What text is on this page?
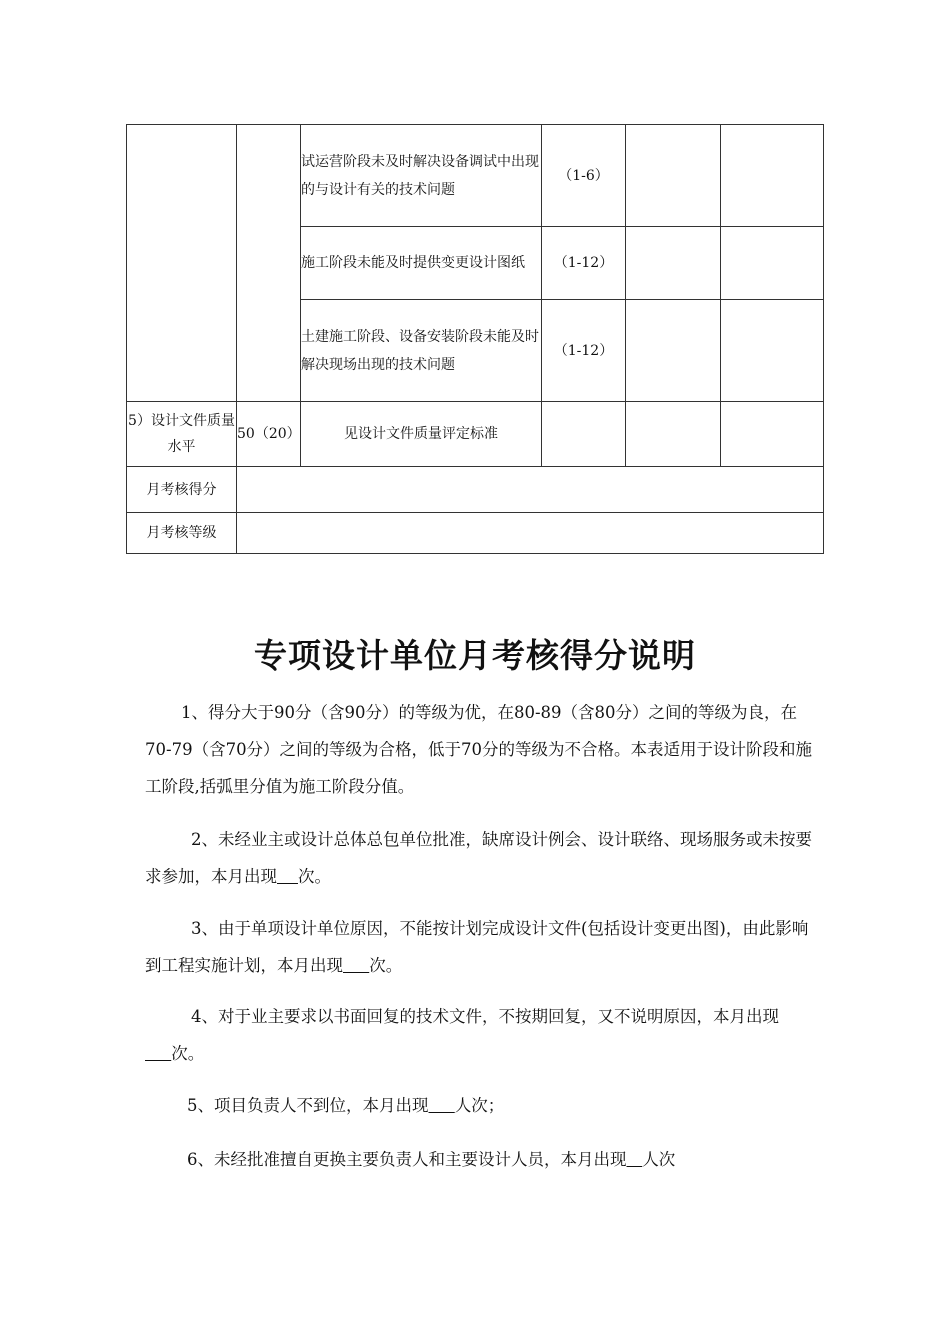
		试运营阶段未及时解决设备调试中出现的与设计有关的技术问题	（1-6）		
		施工阶段未能及时提供变更设计图纸	（1-12）		
		土建施工阶段、设备安装阶段未能及时解决现场出现的技术问题	（1-12）		
5）设计文件质量水平	50（20）	见设计文件质量评定标准			
月考核得分					
月考核等级					
专项设计单位月考核得分说明

1、得分大于90分（含90分）的等级为优，在80-89（含80分）之间的等级为良，在70-79（含70分）之间的等级为合格，低于70分的等级为不合格。本表适用于设计阶段和施工阶段,括弧里分值为施工阶段分值。

2、未经业主或设计总体总包单位批准，缺席设计例会、设计联络、现场服务或未按要求参加，本月出现 次。

3、由于单项设计单位原因，不能按计划完成设计文件(包括设计变更出图)，由此影响到工程实施计划，本月出现 次。

4、对于业主要求以书面回复的技术文件，不按期回复，又不说明原因，本月出现     次。

5、项目负责人不到位，本月出现 人次；

6、未经批准擅自更换主要负责人和主要设计人员，本月出现 人次
